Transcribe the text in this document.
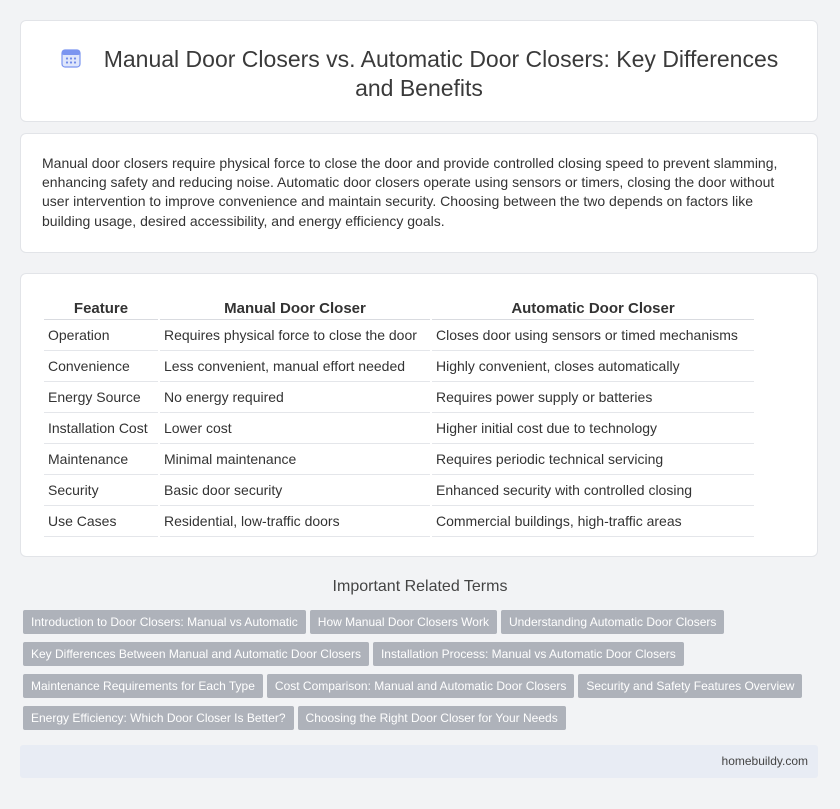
Manual Door Closers vs. Automatic Door Closers: Key Differences and Benefits

Manual door closers require physical force to close the door and provide controlled closing speed to prevent slamming, enhancing safety and reducing noise. Automatic door closers operate using sensors or timers, closing the door without user intervention to improve convenience and maintain security. Choosing between the two depends on factors like building usage, desired accessibility, and energy efficiency goals.

Feature	Manual Door Closer	Automatic Door Closer
Operation	Requires physical force to close the door	Closes door using sensors or timed mechanisms
Convenience	Less convenient, manual effort needed	Highly convenient, closes automatically
Energy Source	No energy required	Requires power supply or batteries
Installation Cost	Lower cost	Higher initial cost due to technology
Maintenance	Minimal maintenance	Requires periodic technical servicing
Security	Basic door security	Enhanced security with controlled closing
Use Cases	Residential, low-traffic doors	Commercial buildings, high-traffic areas
Important Related Terms
Introduction to Door Closers: Manual vs Automatic How Manual Door Closers Work Understanding Automatic Door ClosersKey Differences Between Manual and Automatic Door Closers Installation Process: Manual vs Automatic Door ClosersMaintenance Requirements for Each Type Cost Comparison: Manual and Automatic Door Closers Security and Safety Features OverviewEnergy Efficiency: Which Door Closer Is Better? Choosing the Right Door Closer for Your Needs
homebuildy.com
